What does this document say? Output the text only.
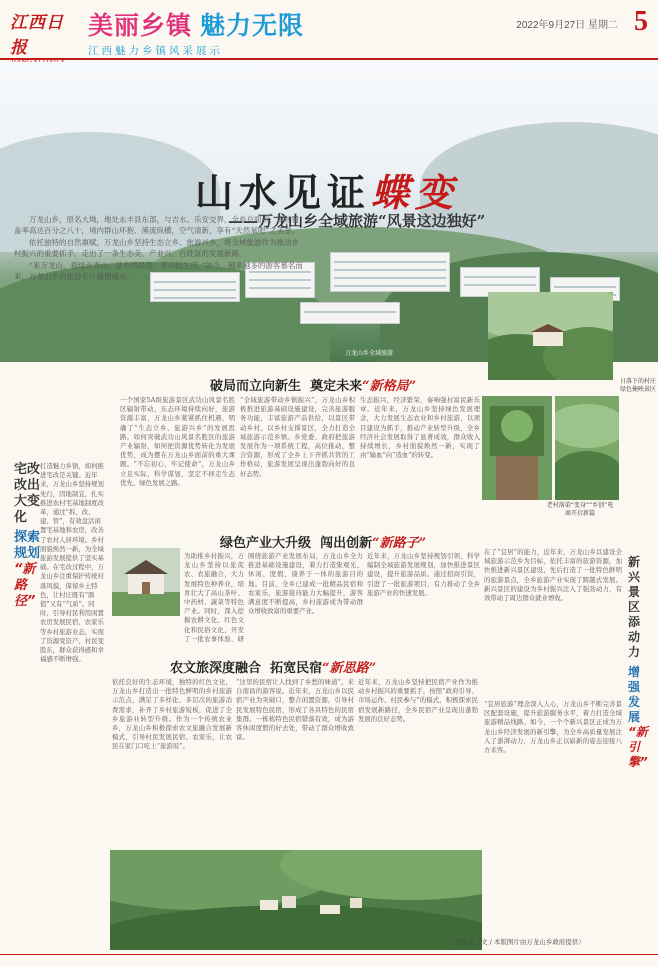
江西日报
美丽乡镇 魅力无限
江西魅力乡镇风采展示
2022年9月27日 星期二 5
山水见证蝶变
——万龙山乡全域旅游“风景这边独好”
万龙山乡全域旅游

万龙山乡，原名大坳，地处永丰县东部，与吉水、乐安交界，全乡总面积，森林覆盖率高达百分之八十，境内群山环抱、溪流纵横，空气清新，享有“天然氧吧”之美誉。

依托独特的自然禀赋，万龙山乡坚持生态立乡、旅游兴乡，将全域旅游作为推动乡村振兴的重要抓手，走出了一条生态美、产业兴、百姓富的发展新路。

“来万龙山，看绿水青山，品乡风民俗，享田园生活。”如今，越来越多的游客慕名而来，万龙山乡的旅游名片越擦越亮。

宅改改出大变化
探索规划
“新路径”
打造魅力乡镇，如何推进宅改是关键。近年来，万龙山乡坚持规划先行，因地制宜，扎实推进农村宅基地制度改革，通过“拆、改、建、管”，有效盘活闲置宅基地和农房，改善了农村人居环境。乡村面貌焕然一新，为全域旅游发展提供了坚实基础。在宅改过程中，万龙山乡注重保护传统村落风貌，保留乡土特色，让村庄既有“颜值”又有“气质”。同时，引导村民利用闲置农房发展民宿、农家乐等乡村旅游业态，实现了资源变资产、村民变股东，群众获得感和幸福感不断增强。
破局而立向新生 奠定未来“新格局”
一个国家5A级旅游景区武功山风景名胜区辐射带动，东态环境持续向好，旅游资源丰富，万龙山乡紧紧抓住机遇，明确了“生态立乡、旅游兴乡”的发展思路。如何突破武功山风景名胜区的旅游产业辐射，如何把资源优势转化为发展优势，成为摆在万龙山乡面前的重大课题。“不忘初心，牢记使命”，万龙山乡立足实际，科学谋划，坚定不移走生态优先、绿色发展之路。
“全域旅游带动乡镇振兴”，万龙山乡积极推进旅游基础设施建设，完善旅游服务功能，丰富旅游产品供给，以景区带动乡村、以乡村支撑景区，全力打造全域旅游示范乡镇。乡党委、政府把旅游发展作为一项系统工程，高位推动，整合资源，形成了全乡上下齐抓共管的工作格局，旅游发展呈现出蓬勃向好的良好态势。
生态振兴，经济繁荣，奏响强村富民新乐章。近年来，万龙山乡坚持绿色发展理念，大力发展生态农业和乡村旅游，以项目建设为抓手，推动产业转型升级，全乡经济社会发展取得了显著成效，群众收入持续增长，乡村面貌焕然一新，实现了由“输血”向“造血”的转变。
日落下的村庄绿色掩映景区
老村落染“变身”“乡创”电商开启新篇
绿色产业大升级 闯出创新“新路子”
为助推乡村振兴，万龙山乡坚持以旅促农、农旅融合，大力发展特色种养业，培育壮大了高山茶叶、中药材、蔬菜等特色产业。同时，深入挖掘农耕文化、红色文化和民俗文化，开发了一批农事体验、研
围绕旅游产业发展布局，万龙山乡全力推进基础设施建设，着力打造集观光、休闲、度假、康养于一体的旅游目的地。目前，全乡已建成一批精品民宿和农家乐，旅游接待能力大幅提升，游客满意度不断提高，乡村旅游成为带动群众增收致富的重要产业。
近年来，万龙山乡坚持规划引领，科学编制全域旅游发展规划，加快推进景区建设，提升旅游品质。通过招商引资，引进了一批旅游项目，有力推动了全乡旅游产业的快速发展。
农文旅深度融合 拓宽民宿“新思路”
依托良好的生态环境，独特的红色文化，万龙山乡打造出一批特色鲜明的乡村旅游示范点，满足了多样化、多层次的旅游消费需求，补齐了乡村旅游短板，促进了全乡旅游业转型升级。作为一个传统农业乡，万龙山乡积极探索农文旅融合发展新模式，引导村民发展民宿、农家乐，让农民在家门口吃上“旅游饭”。
“这里的民宿让人找到了乡愁的味道”，来自南昌的游客说。近年来，万龙山乡以民宿产业为突破口，整合闲置资源，引导村民发展特色民宿，形成了各具特色的民宿集群。一栋栋特色民宿错落有致，成为游客休闲度假的好去处，带动了群众增收致富。
近年来，万龙山乡坚持把民宿产业作为推动乡村振兴的重要抓手，按照“政府引导、市场运作、村民参与”的模式，积极探索民宿发展新路径，全乡民宿产业呈现出蓬勃发展的良好态势。
新兴景区添动力
增强发展
“新引擎”
在了“宜居”的能力，近年来，万龙山乡以建设全域旅游示范乡为目标，依托丰富的旅游资源，加快推进新兴景区建设，先后打造了一批特色鲜明的旅游景点，全乡旅游产业实现了跨越式发展。新兴景区的建设为乡村振兴注入了强劲动力，有效带动了周边群众就业增收。
“宜居旅游”理念深入人心，万龙山乡不断完善景区配套设施，提升旅游服务水平，着力打造全域旅游精品线路。如今，一个个新兴景区正成为万龙山乡经济发展的新引擎，为全乡高质量发展注入了澎湃动力，万龙山乡正以崭新的姿态迎接八方来客。
冯国文（文 / 本版图片由万龙山乡政府提供）
